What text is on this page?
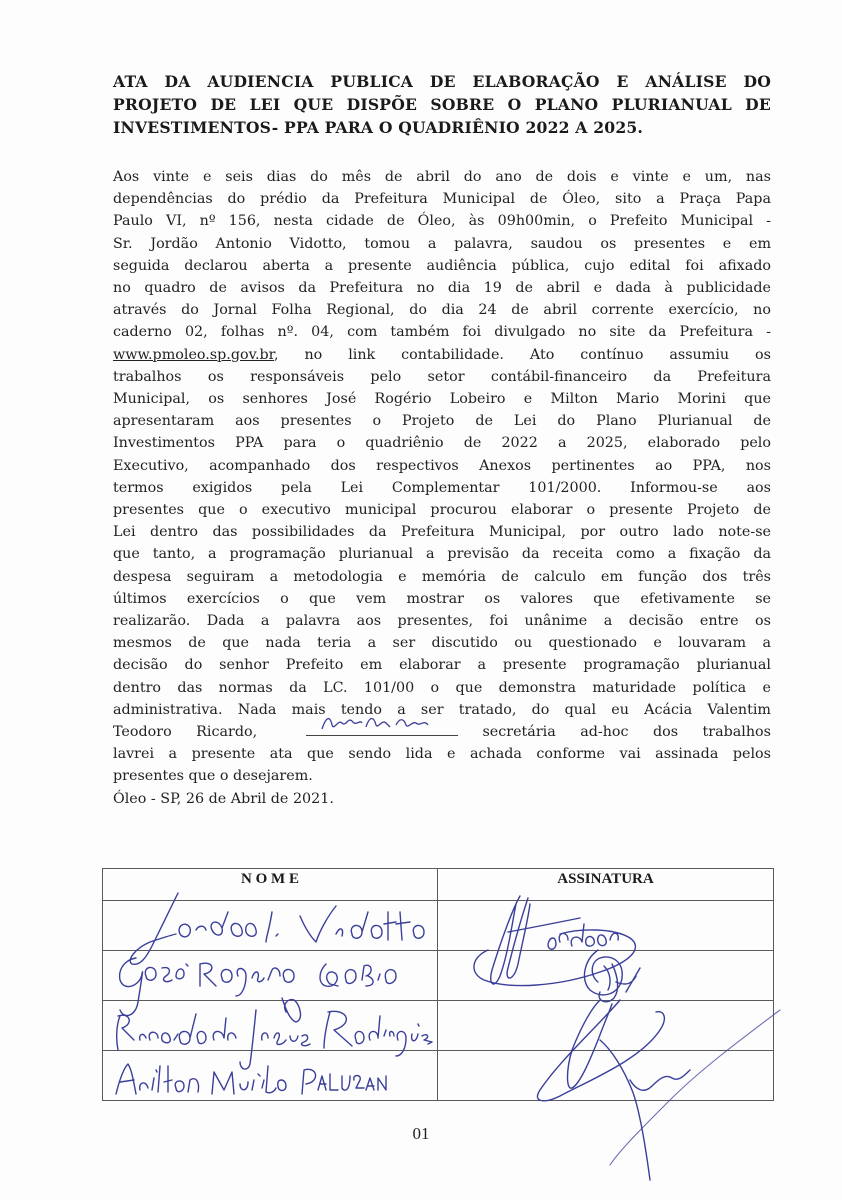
ATA DA AUDIENCIA PUBLICA DE ELABORAÇÃO E ANÁLISE DO
PROJETO DE LEI QUE DISPÕE SOBRE O PLANO PLURIANUAL DE
INVESTIMENTOS- PPA PARA O QUADRIÊNIO 2022 A 2025.
Aos vinte e seis dias do mês de abril do ano de dois e vinte e um, nas
dependências do prédio da Prefeitura Municipal de Óleo, sito a Praça Papa
Paulo VI, nº 156, nesta cidade de Óleo, às 09h00min, o Prefeito Municipal -
Sr. Jordão Antonio Vidotto, tomou a palavra, saudou os presentes e em
seguida declarou aberta a presente audiência pública, cujo edital foi afixado
no quadro de avisos da Prefeitura no dia 19 de abril e dada à publicidade
através do Jornal Folha Regional, do dia 24 de abril corrente exercício, no
caderno 02, folhas nº. 04, com também foi divulgado no site da Prefeitura -
www.pmoleo.sp.gov.br, no link contabilidade. Ato contínuo assumiu os
trabalhos os responsáveis pelo setor contábil-financeiro da Prefeitura
Municipal, os senhores José Rogério Lobeiro e Milton Mario Morini que
apresentaram aos presentes o Projeto de Lei do Plano Plurianual de
Investimentos PPA para o quadriênio de 2022 a 2025, elaborado pelo
Executivo, acompanhado dos respectivos Anexos pertinentes ao PPA, nos
termos exigidos pela Lei Complementar 101/2000. Informou-se aos
presentes que o executivo municipal procurou elaborar o presente Projeto de
Lei dentro das possibilidades da Prefeitura Municipal, por outro lado note-se
que tanto, a programação plurianual a previsão da receita como a fixação da
despesa seguiram a metodologia e memória de calculo em função dos três
últimos exercícios o que vem mostrar os valores que efetivamente se
realizarão. Dada a palavra aos presentes, foi unânime a decisão entre os
mesmos de que nada teria a ser discutido ou questionado e louvaram a
decisão do senhor Prefeito em elaborar a presente programação plurianual
dentro das normas da LC. 101/00 o que demonstra maturidade política e
administrativa. Nada mais tendo a ser tratado, do qual eu Acácia Valentim
Teodoro Ricardo,	secretária ad-hoc dos trabalhos
lavrei a presente ata que sendo lida e achada conforme vai assinada pelos
presentes que o desejarem.
Óleo - SP, 26 de Abril de 2021.
N O M E	ASSINATURA

01
